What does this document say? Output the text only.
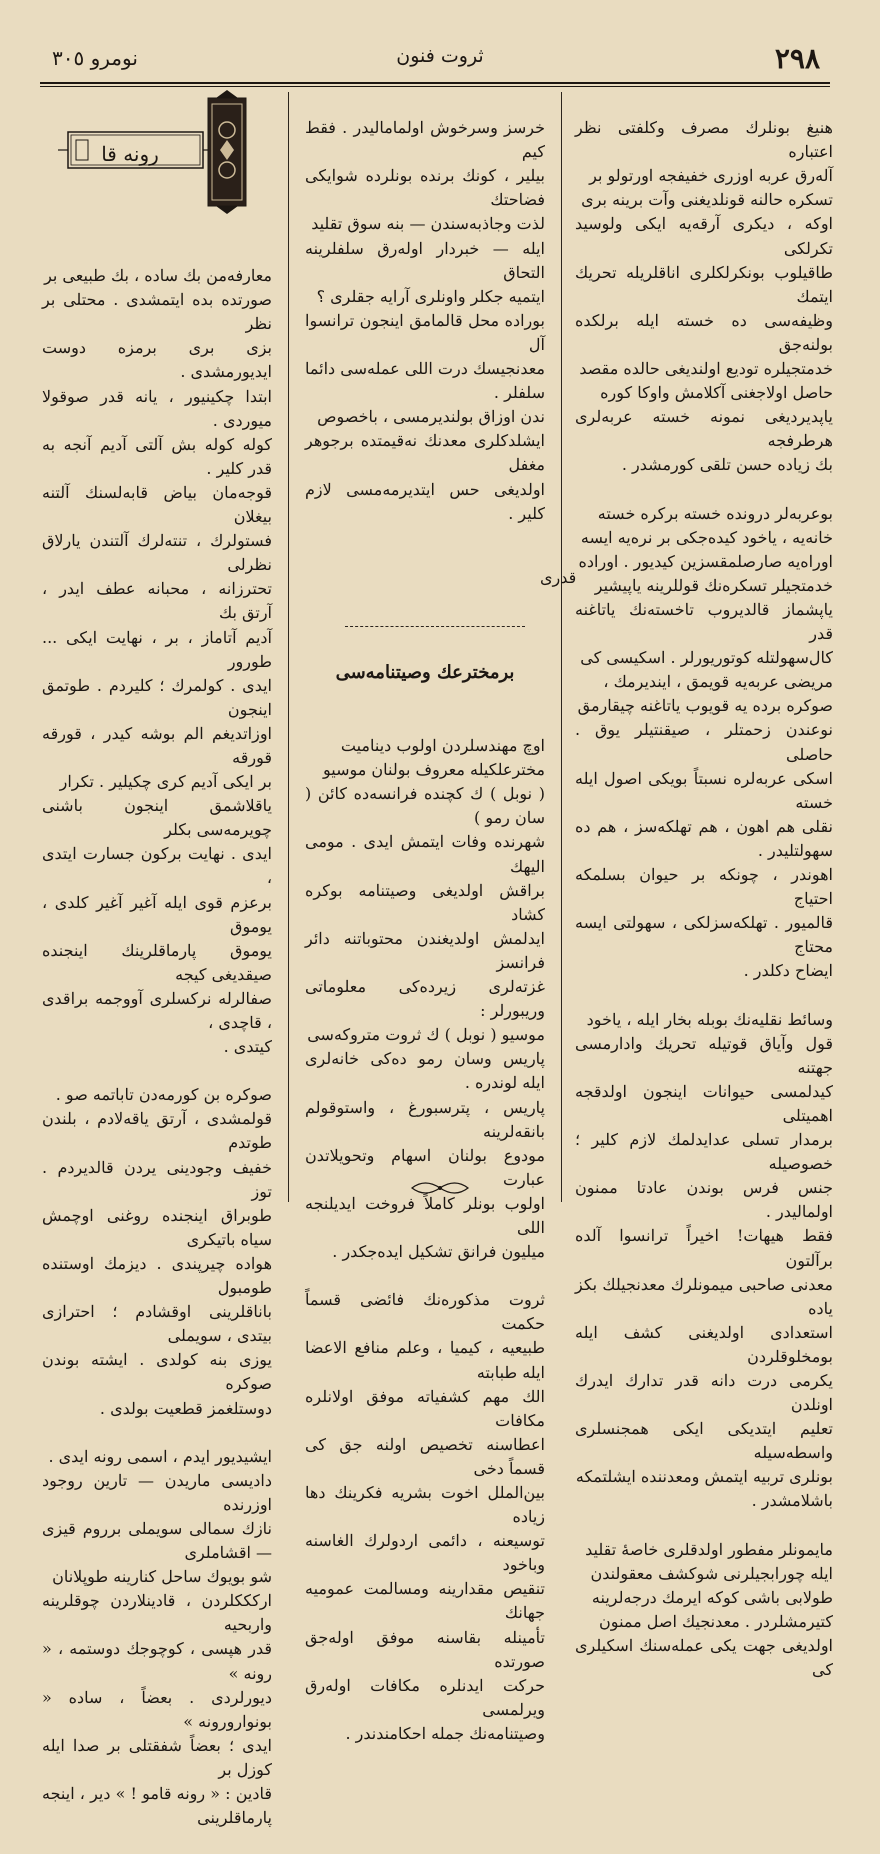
٢٩٨
ثروت فنون
نومرو ٣٠٥
رونه قا

معارفه‌من بك ساده ، بك طبیعی بر
صورتده بده ایتمشدی . محتلی بر نظر
بزی بری برمزه دوست ایدیورمشدی .
ابتدا چكینیور ، یانه قدر صوقولا میوردی .
كوله كوله بش آلتی آدیم آنجه به قدر كلیر .
قوجه‌مان بیاض قابه‌لسنك آلتنه بیغلان
فستولرك ، تنته‌لرك آلتندن یارلاق نظرلی
تحترزانه ، محبانه عطف ایدر ، آرتق بك
آدیم آتاماز ، بر ، نهایت ایكی ... طورور
ایدی . كولمرك ؛ كلیردم . طوتمق اینجون
اوزاتدیغم الم بوشه كیدر ، قورقه قورقه
بر ایكی آدیم كری چكیلیر . تكرار
یاقلاشمق اینجون باشنی چویرمه‌سی بكلر
ایدی . نهایت بركون جسارت ایتدی ،
برعزم قوی ایله آغیر آغیر كلدی ، یوموق
یوموق پارماقلرینك اینجنده صیقدیغی كیجه
صفالرله نركسلری آووجمه براقدی ، قاچدی ،
كیتدی .

صوكره بن كورمه‌دن تاباتمه صو .
قولمشدی ، آرتق یاقه‌لادم ، بلندن طوتدم
خفیف وجودینی یردن قالدیردم . توز
طوبراق اینجنده روغنی اوچمش سیاه باتیكری
هواده چیرپندی . دیزمك اوستنده طومبول
باناقلرینی اوقشادم ؛ احترازی بیتدی ، سویملی
یوزی بنه كولدی . ایشته بوندن صوكره
دوستلغمز قطعیت بولدی .

ایشیدیور ایدم ، اسمی رونه ایدی .
دادیسی ماریدن — تارین روجود اوزرنده
نازك سمالی سویملی برروم قیزی — اقشاملری
شو بویوك ساحل كنارینه طوپلانان
اركككلردن ، قادینلاردن چوقلرینه واربحیه
قدر هپسی ، كوچوجك دوستمه ، « رونه »
دیورلردی . بعضاً ، ساده « بونوارورونه »
ایدی ؛ بعضاً شفقتلی بر صدا ایله كوزل بر
قادین : « رونه قامو ! » دیر ، اینجه پارماقلرینی

خرسز وسرخوش اولمامالیدر . فقط كیم
بیلیر ، كونك برنده بونلرده شوایكی فضاحتك
لذت وجاذبه‌سندن — بنه سوق تقلید
ایله — خبردار اوله‌رق سلفلرینه التحاق
ایتمیه جكلر واونلری آرایه جقلری ؟
بوراده محل قالمامق اینجون ترانسوا آل
معدنجیسك درت اللی عمله‌سی دائما سلفلر .
ندن اوزاق بولندیرمسی ، باخصوص
ایشلدكلری معدنك نه‌قیمتده برجوهر مغفل
اولدیغی حس ایتدیرمه‌مسی لازم كلیر .

قدری
برمخترعك وصیتنامه‌سی

اوچ مهندسلردن اولوب دینامیت
مخترعلكیله معروف بولنان موسیو
( نوبل ) ك كچنده فرانسه‌ده كائن ( سان رمو )
شهرنده وفات ایتمش ایدی . مومی الیهك
براقش اولدیغی وصیتنامه بوكره كشاد
ایدلمش اولدیغندن محتوباتنه دائر فرانسز
غزته‌لری زیرده‌كی معلوماتی وریبورلر :
موسیو ( نوبل ) ك ثروت متروكه‌سی
پاریس وسان رمو ده‌كی خانه‌لری ایله لوندره .
پاریس ، پترسبورغ ، واستوقولم بانقه‌لرینه
مودوع بولنان اسهام وتحویلاتدن عبارت
اولوب بونلر كاملاً فروخت ایدیلنجه اللی
میلیون فرانق تشكیل ایده‌جكدر .

ثروت مذكوره‌نك فائضی قسماً حكمت
طبیعیه ، كیمیا ، وعلم منافع الاعضا ایله طبابته
الك مهم كشفیاته موفق اولانلره مكافات
اعطاسنه تخصیص اولنه جق كی قسماً دخی
بین‌الملل اخوت بشریه فكرینك دها زیاده
توسیعنه ، دائمی اردولرك الغاسنه وباخود
تنقیص مقدارینه ومسالمت عمومیه جهانك
تأمینله بقاسنه موفق اوله‌جق صورتده
حركت ایدنلره مكافات اوله‌رق ویرلمسی
وصیتنامه‌نك جمله احكامندندر .

هنیغ بونلرك مصرف وكلفتی نظر اعتباره
آله‌رق عربه اوزری خفیفجه اورتولو بر
تسكره حالنه قونلدیغنی وآت برینه بری
اوكه ، دیكری آرقه‌یه ایكی ولوسید تكرلكی
طاقیلوب بونكرلكلری اناقلریله تحریك ایتمك
وظیفه‌سی ده خسته ایله برلكده بولنه‌جق
خدمتجیلره تودیع اولندیغی حالده مقصد
حاصل اولاجغنی آكلامش واوكا كوره
یاپدیردیغی نمونه خسته عربه‌لری هرطرفجه
بك زیاده حسن تلقی كورمشدر .

بوعربه‌لر درونده خسته بركره خسته
خانه‌یه ، یاخود كیده‌جكی بر نره‌یه ایسه
اوراه‌یه صارصلمقسزین كیدیور . اوراده
خدمتجیلر تسكره‌نك قوللرینه یاپیشیر
یاپشماز قالدیروب تاخسته‌نك یاتاغنه قدر
كال‌سهولتله كوتوریورلر . اسكیسی كی
مریضی عربه‌یه قویمق ، ایندیرمك ،
صوكره برده یه قویوب یاتاغنه چیقارمق
نوعندن زحمتلر ، صیقنتیلر یوق . حاصلی
اسكی عربه‌لره نسبتاً بویكی اصول ایله خسته
نقلی هم اهون ، هم تهلكه‌سز ، هم ده سهولتلیدر .
اهوندر ، چونكه بر حیوان بسلمكه احتیاج
قالمیور . تهلكه‌سزلكی ، سهولتی ایسه محتاج
ایضاح دكلدر .

وسائط نقلیه‌نك بوبله بخار ایله ، یاخود
قول وآیاق قوتیله تحریك وادارمسی جهتنه
كیدلمسی حیوانات اینجون اولدقجه اهمیتلی
برمدار تسلی عدایدلمك لازم كلیر ؛ خصوصیله
جنس فرس بوندن عادتا ممنون اولمالیدر .
فقط هیهات! اخیراً ترانسوا آلده برآلتون
معدنی صاحبی میمونلرك معدنجیلك بكز یاده
استعدادی اولدیغنی كشف ایله بومخلوقلردن
یكرمی درت دانه قدر تدارك ایدرك اونلدن
تعلیم ایتدیكی ایكی همجنسلری واسطه‌سیله
بونلری تربیه ایتمش ومعدننده ایشلتمكه
باشلامشدر .

مایمونلر مفطور اولدقلری خاصهٔ تقلید
ایله چورابجیلرنی شوكشف معقولندن
طولابی باشی كوكه ایرمك درجه‌لرینه
كتیرمشلردر . معدنجیك اصل ممنون
اولدیغی جهت یكی عمله‌سنك اسكیلری كی
